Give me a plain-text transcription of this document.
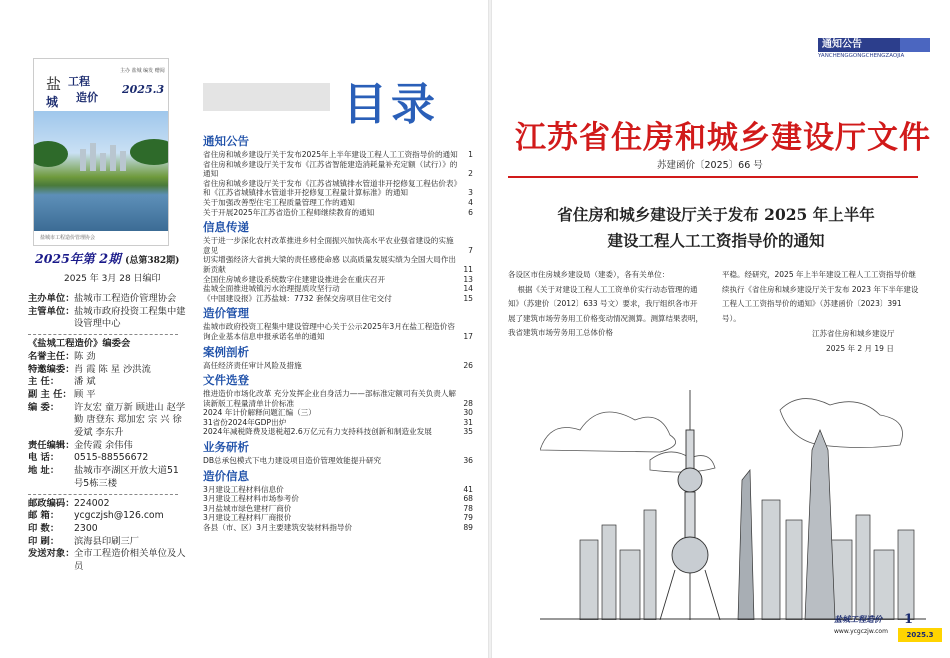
盐
城
工程
造价
主办 盐城 编发 赠阅
2025.3
盐城市工程造价管理协会
2025年第 2期 (总第382期)
2025 年 3月 28 日编印
主办单位： 盐城市工程造价管理协会
主管单位： 盐城市政府投资工程集中建设管理中心
《盐城工程造价》编委会
名誉主任： 陈 劲
特邀编委： 肖 霞 陈 星 沙洪流
主 任：	潘 斌
副 主 任： 顾 平
编 委：	许友宏 童万新 顾进山 赵学勤 唐登东 郑加宏 宗 兴 徐爱斌 李东升
责任编辑： 金传霞 余伟伟
电 话：	0515-88556672
地 址：	盐城市亭湖区开放大道51号5栋三楼
邮政编码： 224002
邮 箱：	ycgczjsh@126.com
印 数：	2300
印 刷：	滨海县印刷三厂
发送对象： 全市工程造价相关单位及人员
目录
通知公告
省住房和城乡建设厅关于发布2025年上半年建设工程人工工资指导价的通知 1
省住房和城乡建设厅关于发布《江苏省智能建造消耗量补充定额（试行）》的通知	2
省住房和城乡建设厅关于发布《江苏省城镇排水管道非开挖修复工程估价表》和《江苏省城镇排水管道非开挖修复工程量计算标准》的通知	3
关于加强改善型住宅工程质量管理工作的通知	4
关于开展2025年江苏省造价工程师继续教育的通知	6
信息传递
关于进一步深化农村改革推进乡村全面振兴加快高水平农业强省建设的实施意见	7
切实增强经济大省挑大梁的责任感使命感 以高质量发展实绩为全国大局作出新贡献	11
全国住房城乡建设系统数字住建建设推进会在重庆召开	13
盐城全面推进城镇污水治理提质攻坚行动	14
《中国建设报》江苏盐城：7732 套保交房项目住宅交付	15
造价管理
盐城市政府投资工程集中建设管理中心关于公示2025年3月在盐工程造价咨询企业基本信息申报承诺名单的通知	17
案例剖析
高任经济责任审计风险及措施	26
文件选登
推进造价市场化改革 充分发挥企业自身活力——部标准定额司有关负责人解读新版工程量清单计价标准	28
2024 年计价解释问题汇编（三）	30
31省份2024年GDP出炉	31
2024年减税降费及退税超2.6万亿元有力支持科技创新和制造业发展	35
业务研析
DB总承包模式下电力建设项目造价管理效能提升研究	36
造价信息
3月建设工程材料信息价	41
3月建设工程材料市场参考价	68
3月盐城市绿色建材厂商价	78
3月建设工程材料厂商报价	79
各县（市、区）3月主要建筑安装材料指导价	89
通知公告
YANCHENGGONGCHENGZAOJIA
江苏省住房和城乡建设厅文件
苏建函价〔2025〕66 号
省住房和城乡建设厅关于发布 2025 年上半年
建设工程人工工资指导价的通知
各设区市住房城乡建设局（建委），各有关单位：
根据《关于对建设工程人工工资单价实行动态管理的通知》（苏建价〔2012〕633 号文）要求，我厅组织各市开展了建筑市场劳务用工价格变动情况测算。测算结果表明，我省建筑市场劳务用工总体价格
平稳。经研究，2025 年上半年建设工程人工工资指导价继续执行《省住房和城乡建设厅关于发布 2023 年下半年建设工程人工工资指导价的通知》（苏建函价〔2023〕391 号）。
江苏省住房和城乡建设厅
2025 年 2 月 19 日
盐城工程造价 1
www.ycgczjw.com	2025.3
